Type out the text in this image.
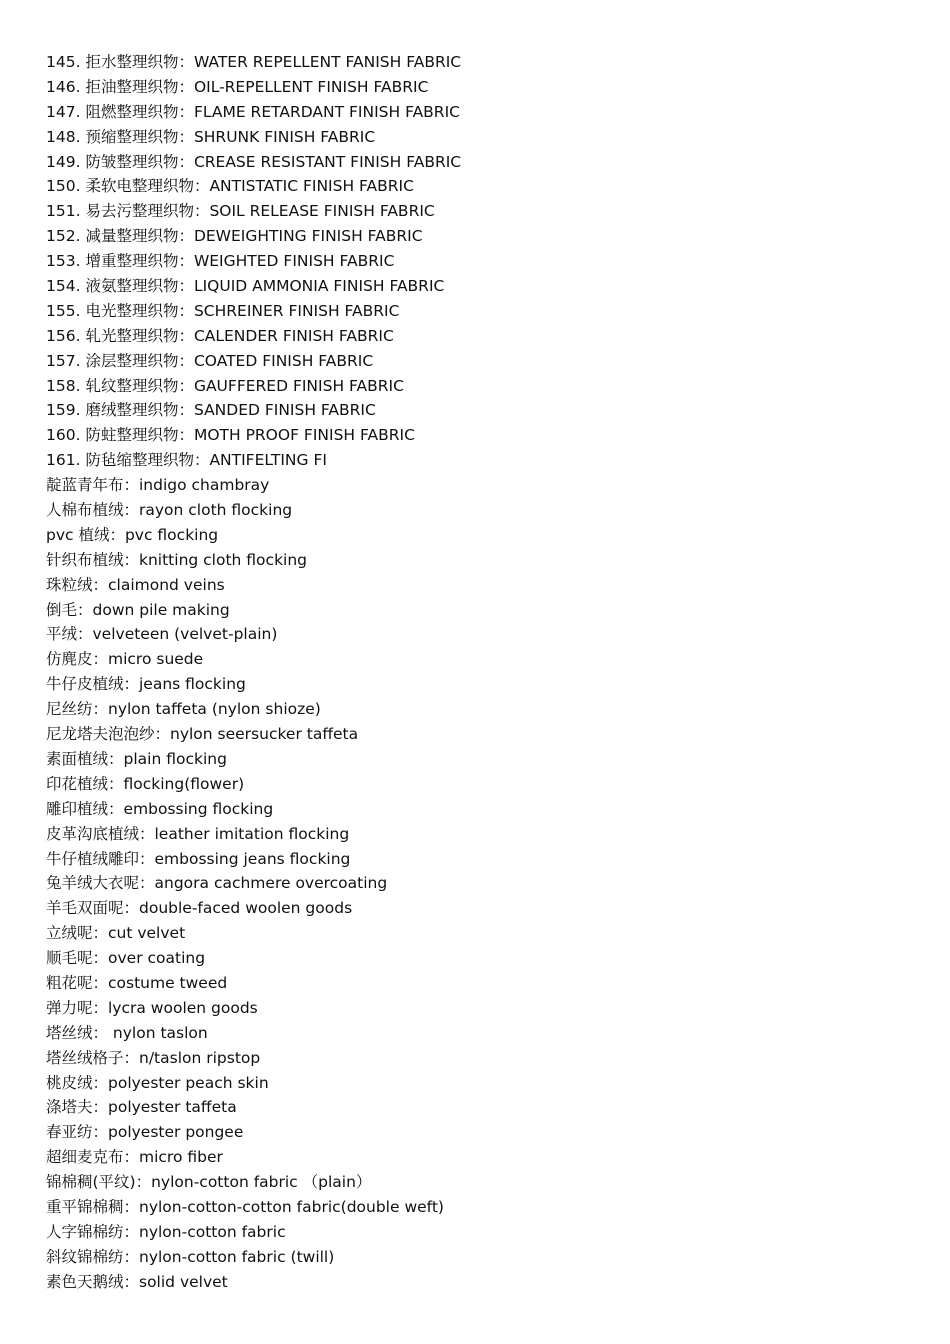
145. 拒水整理织物：WATER REPELLENT FANISH FABRIC
146. 拒油整理织物：OIL-REPELLENT FINISH FABRIC
147. 阻燃整理织物：FLAME RETARDANT FINISH FABRIC
148. 预缩整理织物：SHRUNK FINISH FABRIC
149. 防皱整理织物：CREASE RESISTANT FINISH FABRIC
150. 柔软电整理织物：ANTISTATIC FINISH FABRIC
151. 易去污整理织物：SOIL RELEASE FINISH FABRIC
152. 减量整理织物：DEWEIGHTING FINISH FABRIC
153. 增重整理织物：WEIGHTED FINISH FABRIC
154. 液氨整理织物：LIQUID AMMONIA FINISH FABRIC
155. 电光整理织物：SCHREINER FINISH FABRIC
156. 轧光整理织物：CALENDER FINISH FABRIC
157. 涂层整理织物：COATED FINISH FABRIC
158. 轧纹整理织物：GAUFFERED FINISH FABRIC
159. 磨绒整理织物：SANDED FINISH FABRIC
160. 防蛀整理织物：MOTH PROOF FINISH FABRIC
161. 防毡缩整理织物：ANTIFELTING FI
靛蓝青年布：indigo chambray
人棉布植绒：rayon cloth flocking
pvc 植绒：pvc flocking
针织布植绒：knitting cloth flocking
珠粒绒：claimond veins
倒毛：down pile making
平绒：velveteen (velvet-plain)
仿麂皮：micro suede
牛仔皮植绒：jeans flocking
尼丝纺：nylon taffeta (nylon shioze)
尼龙塔夫泡泡纱：nylon seersucker taffeta
素面植绒：plain flocking
印花植绒：flocking(flower)
雕印植绒：embossing flocking
皮革沟底植绒：leather imitation flocking
牛仔植绒雕印：embossing jeans flocking
兔羊绒大衣呢：angora cachmere overcoating
羊毛双面呢：double-faced woolen goods
立绒呢：cut velvet
顺毛呢：over coating
粗花呢：costume tweed
弹力呢：lycra woolen goods
塔丝绒： nylon taslon
塔丝绒格子：n/taslon ripstop
桃皮绒：polyester peach skin
涤塔夫：polyester taffeta
春亚纺：polyester pongee
超细麦克布：micro fiber
锦棉稠(平纹)：nylon-cotton fabric （plain）
重平锦棉稠：nylon-cotton-cotton fabric(double weft)
人字锦棉纺：nylon-cotton fabric
斜纹锦棉纺：nylon-cotton fabric (twill)
素色天鹅绒：solid velvet
